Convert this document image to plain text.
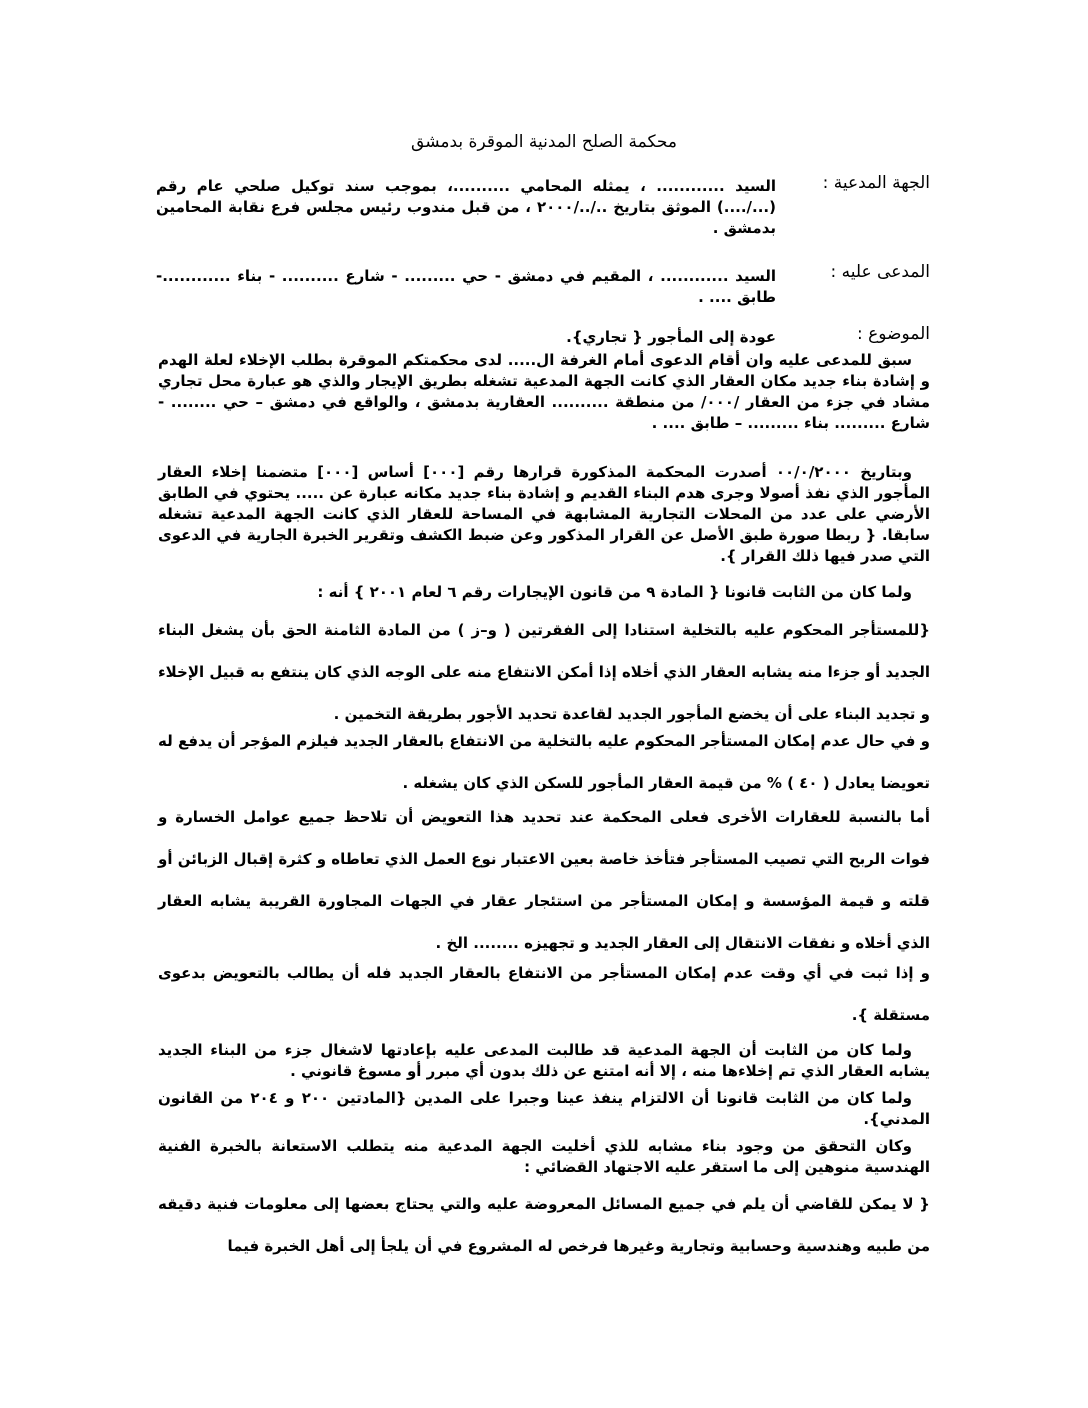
محكمة الصلح المدنية الموقرة بدمشق
الجهة المدعية :
السيد ............ ، يمثله المحامي ..........، بموجب سند توكيل صلحي عام رقم (.../....) الموثق بتاريخ ../../٢٠٠٠ ، من قبل مندوب رئيس مجلس فرع نقابة المحامين بدمشق .
المدعى عليه :
السيد ............ ، المقيم في دمشق - حي ......... - شارع .......... - بناء ............- طابق .... .
الموضوع :
عودة إلى المأجور { تجاري}.
سبق للمدعى عليه وان أقام الدعوى أمام الغرفة ال..... لدى محكمتكم الموقرة بطلب الإخلاء لعلة الهدم و إشادة بناء جديد مكان العقار الذي كانت الجهة المدعية تشغله بطريق الإيجار والذي هو عبارة محل تجاري مشاد في جزء من العقار /٠٠٠/ من منطقة .......... العقارية بدمشق ، والواقع في دمشق – حي ........ - شارع ......... بناء ......... – طابق .... .
وبتاريخ ٠٠/٠/٢٠٠٠ أصدرت المحكمة المذكورة قرارها رقم [٠٠٠] أساس [٠٠٠] متضمنا إخلاء العقار المأجور الذي نفذ أصولا وجرى هدم البناء القديم و إشادة بناء جديد مكانه عبارة عن ..... يحتوي في الطابق الأرضي على عدد من المحلات التجارية المشابهة في المساحة للعقار الذي كانت الجهة المدعية تشغله سابقا. { ربطا صورة طبق الأصل عن القرار المذكور وعن ضبط الكشف وتقرير الخبرة الجارية في الدعوى التي صدر فيها ذلك القرار }.
ولما كان من الثابت قانونا { المادة ٩ من قانون الإيجارات رقم ٦ لعام ٢٠٠١ } أنه :
{للمستأجر المحكوم عليه بالتخلية استنادا إلى الفقرتين ( و–ز ) من المادة الثامنة الحق بأن يشغل البناء الجديد أو جزءا منه يشابه العقار الذي أخلاه إذا أمكن الانتفاع منه على الوجه الذي كان ينتفع به قبيل الإخلاء و تجديد البناء على أن يخضع المأجور الجديد لقاعدة تحديد الأجور بطريقة التخمين .
و في حال عدم إمكان المستأجر المحكوم عليه بالتخلية من الانتفاع بالعقار الجديد فيلزم المؤجر أن يدفع له تعويضا يعادل ( ٤٠ ) % من قيمة العقار المأجور للسكن الذي كان يشغله .
أما بالنسبة للعقارات الأخرى فعلى المحكمة عند تحديد هذا التعويض أن تلاحظ جميع عوامل الخسارة و فوات الربح التي تصيب المستأجر فتأخذ خاصة بعين الاعتبار نوع العمل الذي تعاطاه و كثرة إقبال الزبائن أو قلته و قيمة المؤسسة و إمكان المستأجر من استئجار عقار في الجهات المجاورة القريبة يشابه العقار الذي أخلاه و نفقات الانتقال إلى العقار الجديد و تجهيزه ........ الخ .
و إذا ثبت في أي وقت عدم إمكان المستأجر من الانتفاع بالعقار الجديد فله أن يطالب بالتعويض بدعوى مستقلة }.
ولما كان من الثابت أن الجهة المدعية قد طالبت المدعى عليه بإعادتها لاشغال جزء من البناء الجديد يشابه العقار الذي تم إخلاءها منه ، إلا أنه امتنع عن ذلك بدون أي مبرر أو مسوغ قانوني .
ولما كان من الثابت قانونا أن الالتزام ينفذ عينا وجبرا على المدين {المادتين ٢٠٠ و ٢٠٤ من القانون المدني}.
وكان التحقق من وجود بناء مشابه للذي أخليت الجهة المدعية منه يتطلب الاستعانة بالخبرة الفنية الهندسية منوهين إلى ما استقر عليه الاجتهاد القضائي :
{ لا يمكن للقاضي أن يلم في جميع المسائل المعروضة عليه والتي يحتاج بعضها إلى معلومات فنية دقيقه من طبيه وهندسية وحسابية وتجارية وغيرها فرخص له المشروع في أن يلجأ إلى أهل الخبرة فيما
